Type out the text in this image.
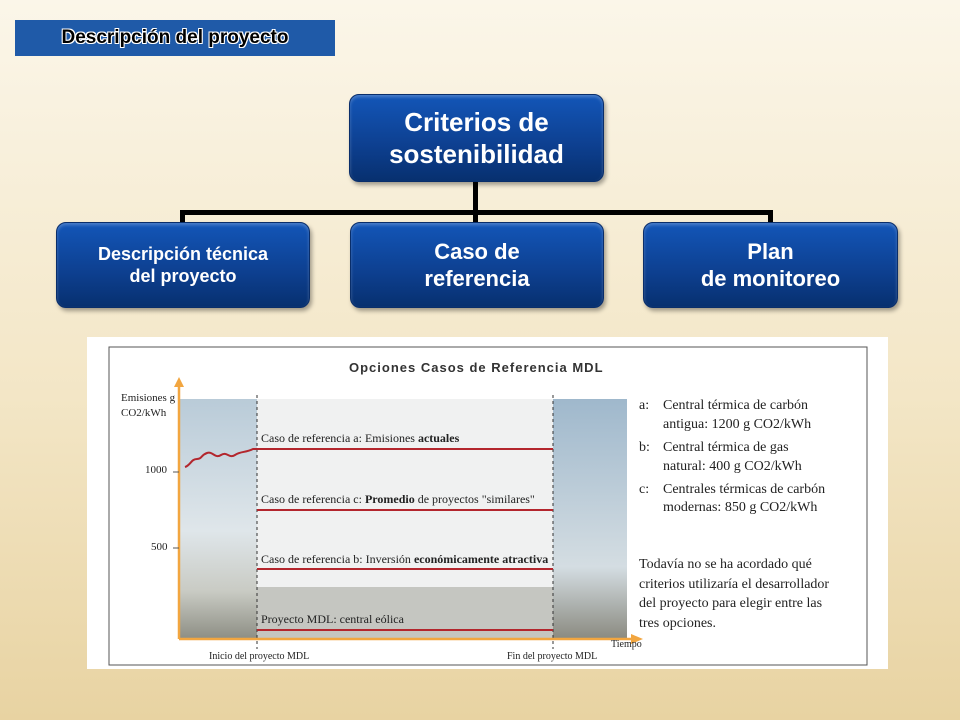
Descripción del proyecto
Criterios de
sostenibilidad
Descripción técnica
del proyecto
Caso de
referencia
Plan
de monitoreo
Opciones Casos de Referencia MDL
Emisiones g
CO2/kWh
1000
500
Caso de referencia a: Emisiones actuales
Caso de referencia c: Promedio de proyectos "similares"
Caso de referencia b: Inversión económicamente atractiva
Proyecto MDL: central eólica
Inicio del proyecto MDL	Fin del proyecto MDL
Tiempo
a: Central térmica de carbón
antigua: 1200 g CO2/kWh
b: Central térmica de gas
natural: 400 g CO2/kWh
c: Centrales térmicas de carbón
modernas: 850 g CO2/kWh
Todavía no se ha acordado qué
criterios utilizaría el desarrollador
del proyecto para elegir entre las
tres opciones.
